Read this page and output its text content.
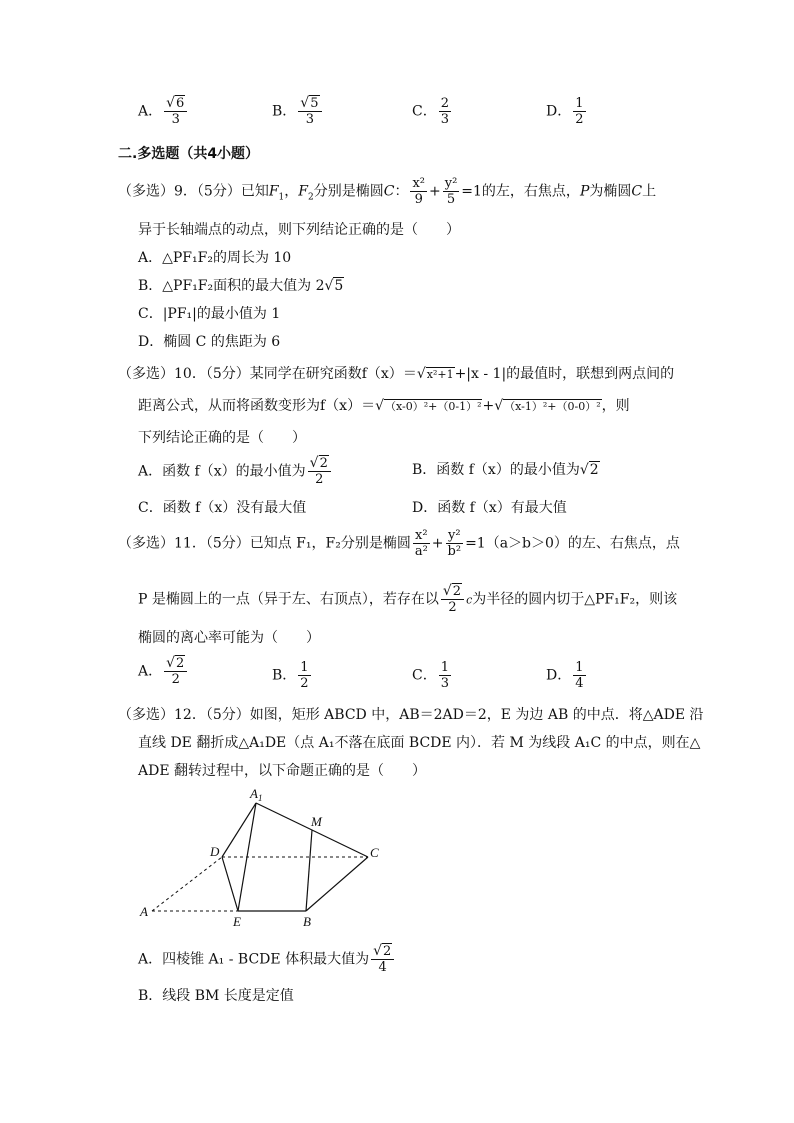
A． $\frac{√6}{3}$	B． $\frac{√5}{3}$	C． $\frac{2}{3}$	D． $\frac{1}{2}$
二.多选题（共4小题）
（多选）9．（5分）已知$F_1$，$F_2$分别是椭圆C： $\frac{\text{x²}}{9} + \frac{\text{y²}}{5} =1$的左，右焦点，P为椭圆C上
异于长轴端点的动点，则下列结论正确的是（　　）
A．△PF₁F₂的周长为 10
B．△PF₁F₂面积的最大值为 2√5
C．|PF₁|的最小值为 1
D．椭圆 C 的焦距为 6
（多选）10．（5分）某同学在研究函数f（x）＝√x²+1+|x - 1|的最值时，联想到两点间的
距离公式，从而将函数变形为f（x）＝√（x-0）²+（0-1）²+√（x-1）²+（0-0）²，则
下列结论正确的是（　　）
A．函数 f（x）的最小值为 $\frac{√2}{2}$	B．函数 f（x）的最小值为√2
C．函数 f（x）没有最大值	D．函数 f（x）有最大值
（多选）11．（5分）已知点 F₁，F₂分别是椭圆 $\frac{\text{x²}}{\text{a²}} + \frac{\text{y²}}{\text{b²}} =1(a>b>0)$的左、右焦点，点
P 是椭圆上的一点（异于左、右顶点），若存在以 $\frac{√2}{2}$ c为半径的圆内切于△PF₁F₂，则该
椭圆的离心率可能为（　　）
A． $\frac{√2}{2}$	B． $\frac{1}{2}$	C． $\frac{1}{3}$	D． $\frac{1}{4}$
（多选）12．（5分）如图，矩形 ABCD 中，AB＝2AD＝2，E 为边 AB 的中点．将△ADE 沿
直线 DE 翻折成△A₁DE（点 A₁不落在底面 BCDE 内）．若 M 为线段 A₁C 的中点，则在△
ADE 翻转过程中，以下命题正确的是（　　）
$A_1$
M
D	C
A
E	B
A．四棱锥 A₁ - BCDE 体积最大值为 $\frac{√2}{4}$
B．线段 BM 长度是定值
